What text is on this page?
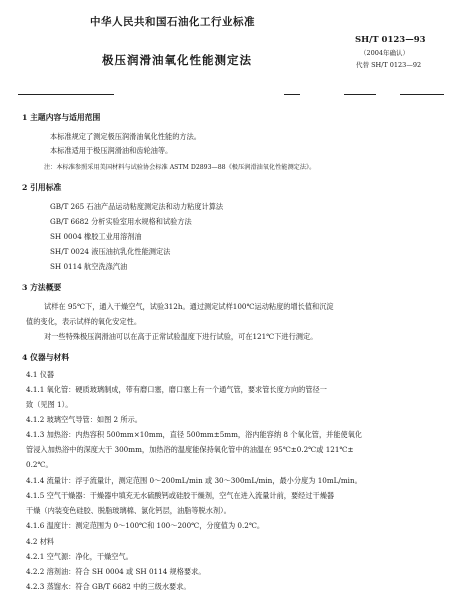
中华人民共和国石油化工行业标准
SH/T 0123—93
（2004年确认）
代替 SH/T 0123—92
极压润滑油氧化性能测定法
1 主题内容与适用范围
本标准规定了测定极压润滑油氧化性能的方法。
本标准适用于极压润滑油和齿轮油等。
注：本标准参照采用美国材料与试验协会标准 ASTM D2893—88《极压润滑油氧化性能测定法》。
2 引用标准
GB/T 265 石油产品运动粘度测定法和动力粘度计算法
GB/T 6682 分析实验室用水规格和试验方法
SH 0004 橡胶工业用溶剂油
SH/T 0024 液压油抗乳化性能测定法
SH 0114 航空洗涤汽油
3 方法概要
试样在 95℃下，通入干燥空气，试验312h。通过测定试样100℃运动粘度的增长值和沉淀
值的变化，表示试样的氧化安定性。
对一些特殊极压润滑油可以在高于正常试验温度下进行试验，可在121℃下进行测定。
4 仪器与材料
4.1 仪器
4.1.1 氧化管：硬质玻璃制成，带有磨口塞，磨口塞上有一个通气管，要求管长度方向的管径一
致（见图 1）。
4.1.2 玻璃空气导管：如图 2 所示。
4.1.3 加热浴：内热容积 500mm×10mm，直径 500mm±5mm，浴内能容纳 8 个氧化管，并能使氧化
管浸入加热浴中的深度大于 300mm，加热浴的温度能保持氧化管中的油温在 95℃±0.2℃或 121℃±
0.2℃。
4.1.4 流量计：浮子流量计，测定范围 0～200mL/min 或 30～300mL/min，最小分度为 10mL/min。
4.1.5 空气干燥器：干燥器中填充无水硫酸钙或硅胶干燥剂，空气在进入流量计前，要经过干燥器
干燥（内装变色硅胶、脱脂玻璃棉、氯化钙层，油脂等脱水剂）。
4.1.6 温度计：测定范围为 0～100℃和 100～200℃，分度值为 0.2℃。
4.2 材料
4.2.1 空气源：净化，干燥空气。
4.2.2 溶剂油：符合 SH 0004 或 SH 0114 规格要求。
4.2.3 蒸馏水：符合 GB/T 6682 中的三级水要求。
